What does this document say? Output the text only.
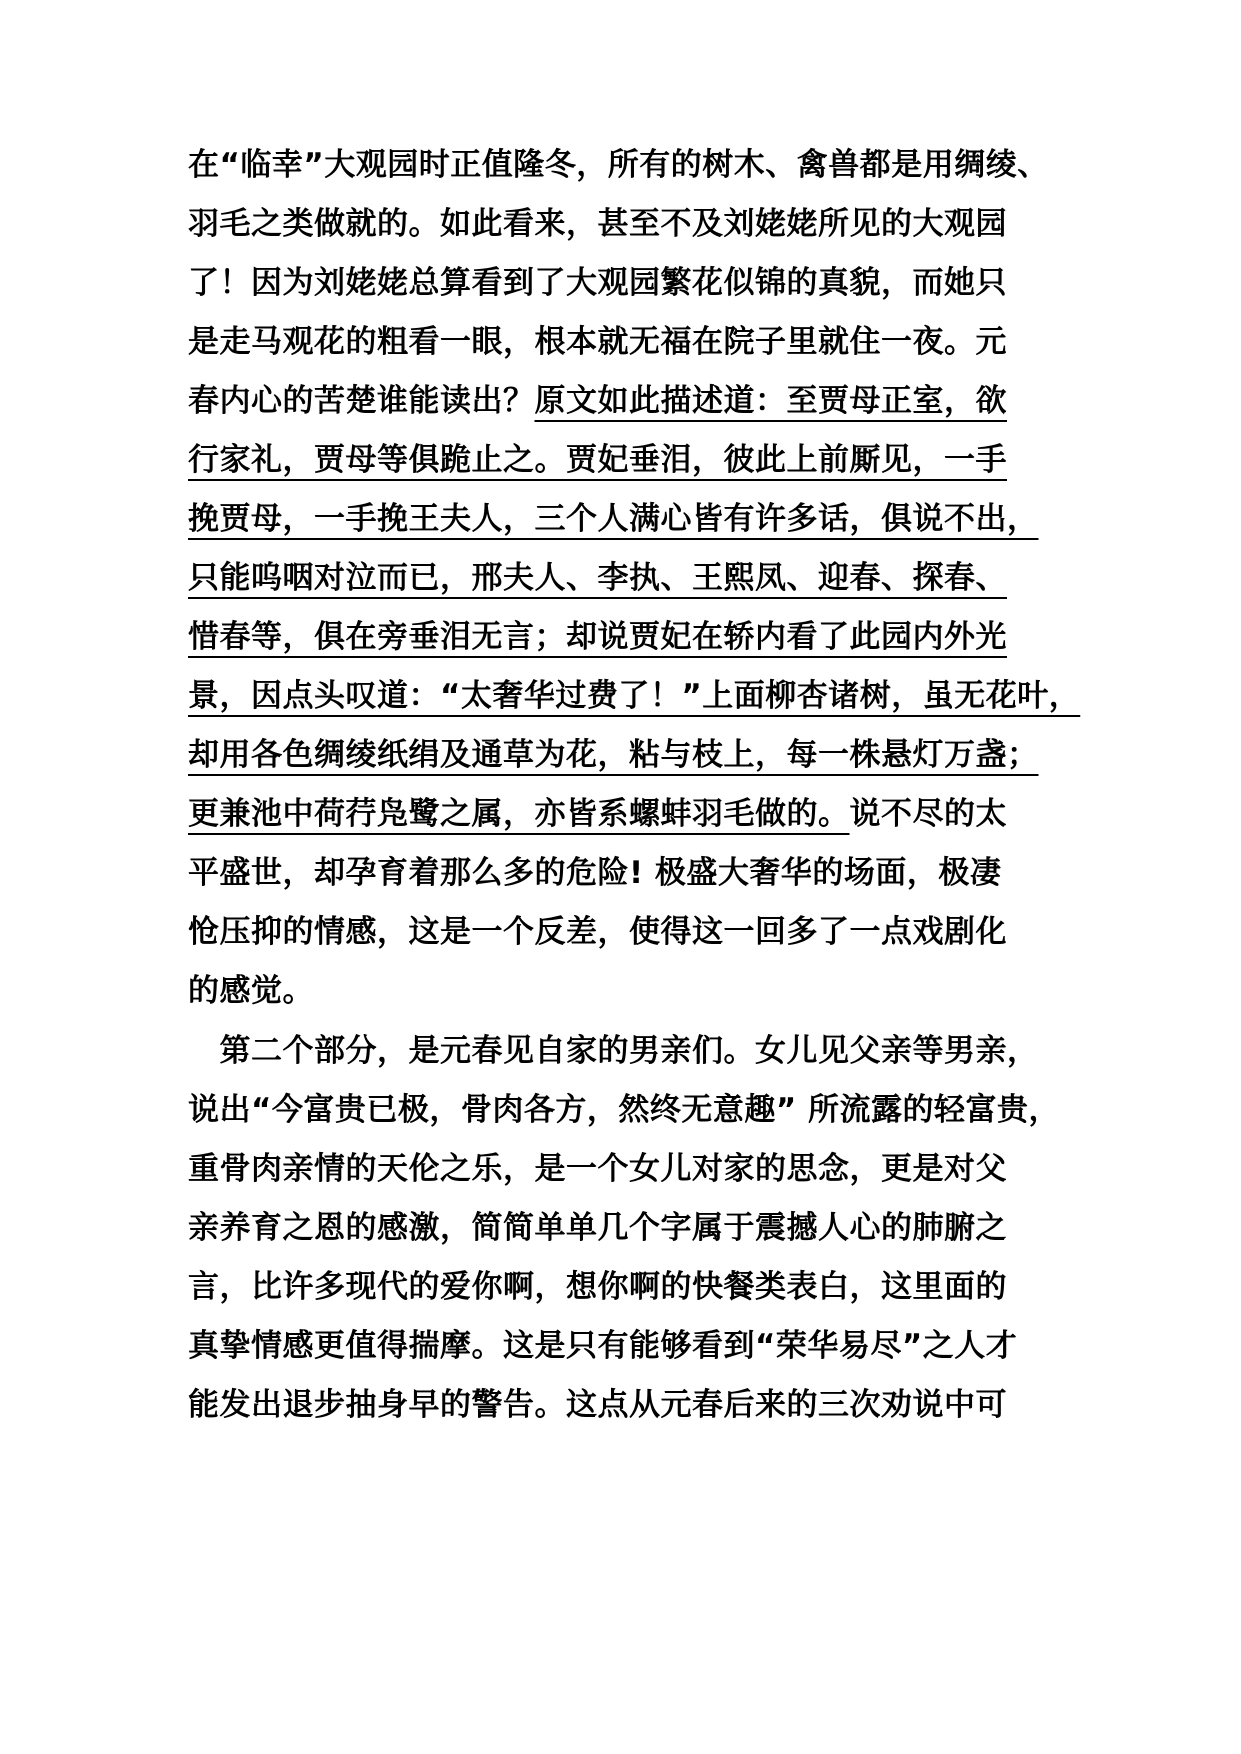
在“临幸”大观园时正值隆冬，所有的树木、禽兽都是用绸绫、
羽毛之类做就的。如此看来，甚至不及刘姥姥所见的大观园
了！因为刘姥姥总算看到了大观园繁花似锦的真貌，而她只
是走马观花的粗看一眼，根本就无福在院子里就住一夜。元
春内心的苦楚谁能读出？原文如此描述道：至贾母正室，欲
行家礼，贾母等俱跪止之。贾妃垂泪，彼此上前厮见，一手
挽贾母，一手挽王夫人，三个人满心皆有许多话，俱说不出，
只能呜咽对泣而已，邢夫人、李执、王熙凤、迎春、探春、
惜春等，俱在旁垂泪无言；却说贾妃在轿内看了此园内外光
景，因点头叹道：“太奢华过费了！”上面柳杏诸树，虽无花叶，
却用各色绸绫纸绢及通草为花，粘与枝上，每一株悬灯万盏；
更兼池中荷荇凫鹭之属，亦皆系螺蚌羽毛做的。说不尽的太
平盛世，却孕育着那么多的危险! 极盛大奢华的场面，极凄
怆压抑的情感，这是一个反差，使得这一回多了一点戏剧化
的感觉。
　第二个部分，是元春见自家的男亲们。女儿见父亲等男亲，
说出“今富贵已极，骨肉各方，然终无意趣” 所流露的轻富贵，
重骨肉亲情的天伦之乐，是一个女儿对家的思念，更是对父
亲养育之恩的感激，简简单单几个字属于震撼人心的肺腑之
言，比许多现代的爱你啊，想你啊的快餐类表白，这里面的
真挚情感更值得揣摩。这是只有能够看到“荣华易尽”之人才
能发出退步抽身早的警告。这点从元春后来的三次劝说中可
